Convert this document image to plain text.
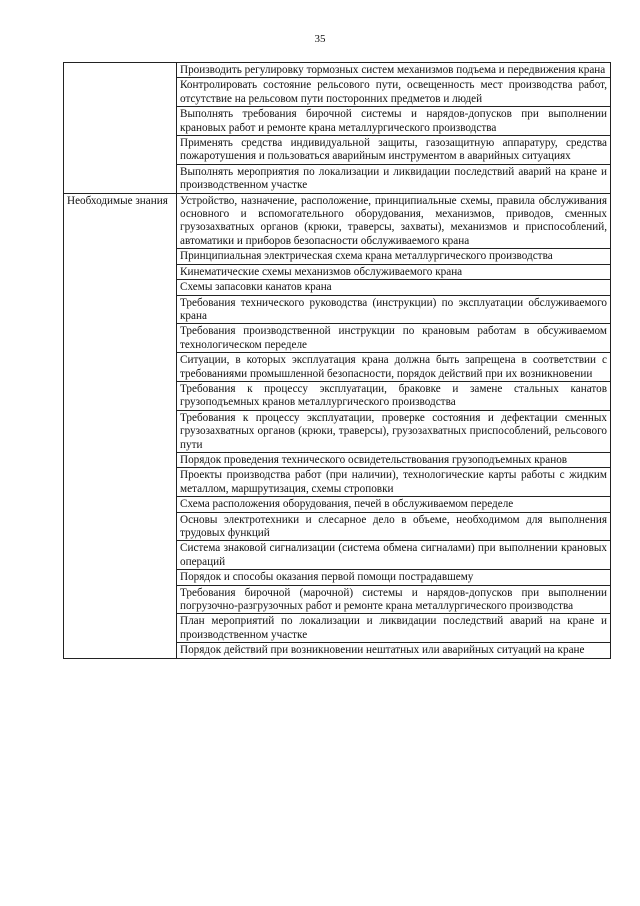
35

	Производить регулировку тормозных систем механизмов подъема и передвижения крана

	Контролировать состояние рельсового пути, освещенность мест производства работ, отсутствие на рельсовом пути посторонних предметов и людей

	Выполнять требования бирочной системы и нарядов-допусков при выполнении крановых работ и ремонте крана металлургического производства

	Применять средства индивидуальной защиты, газозащитную аппаратуру, средства пожаротушения и пользоваться аварийным инструментом в аварийных ситуациях

	Выполнять мероприятия по локализации и ликвидации последствий аварий на кране и производственном участке

Необходимые знания	Устройство, назначение, расположение, принципиальные схемы, правила обслуживания основного и вспомогательного оборудования, механизмов, приводов, сменных грузозахватных органов (крюки, траверсы, захваты), механизмов и приспособлений, автоматики и приборов безопасности обслуживаемого крана

	Принципиальная электрическая схема крана металлургического производства

	Кинематические схемы механизмов обслуживаемого крана

	Схемы запасовки канатов крана

	Требования технического руководства (инструкции) по эксплуатации обслуживаемого крана

	Требования производственной инструкции по крановым работам в обсуживаемом технологическом переделе

	Ситуации, в которых эксплуатация крана должна быть запрещена в соответствии с требованиями промышленной безопасности, порядок действий при их возникновении

	Требования к процессу эксплуатации, браковке и замене стальных канатов грузоподъемных кранов металлургического производства

	Требования к процессу эксплуатации, проверке состояния и дефектации сменных грузозахватных органов (крюки, траверсы), грузозахватных приспособлений, рельсового пути

	Порядок проведения технического освидетельствования грузоподъемных кранов

	Проекты производства работ (при наличии), технологические карты работы с жидким металлом, маршрутизация, схемы строповки

	Схема расположения оборудования, печей в обслуживаемом переделе

	Основы электротехники и слесарное дело в объеме, необходимом для выполнения трудовых функций

	Система знаковой сигнализации (система обмена сигналами) при выполнении крановых операций

	Порядок и способы оказания первой помощи пострадавшему

	Требования бирочной (марочной) системы и нарядов-допусков при выполнении погрузочно-разгрузочных работ и ремонте крана металлургического производства

	План мероприятий по локализации и ликвидации последствий аварий на кране и производственном участке

	Порядок действий при возникновении нештатных или аварийных ситуаций на кране
